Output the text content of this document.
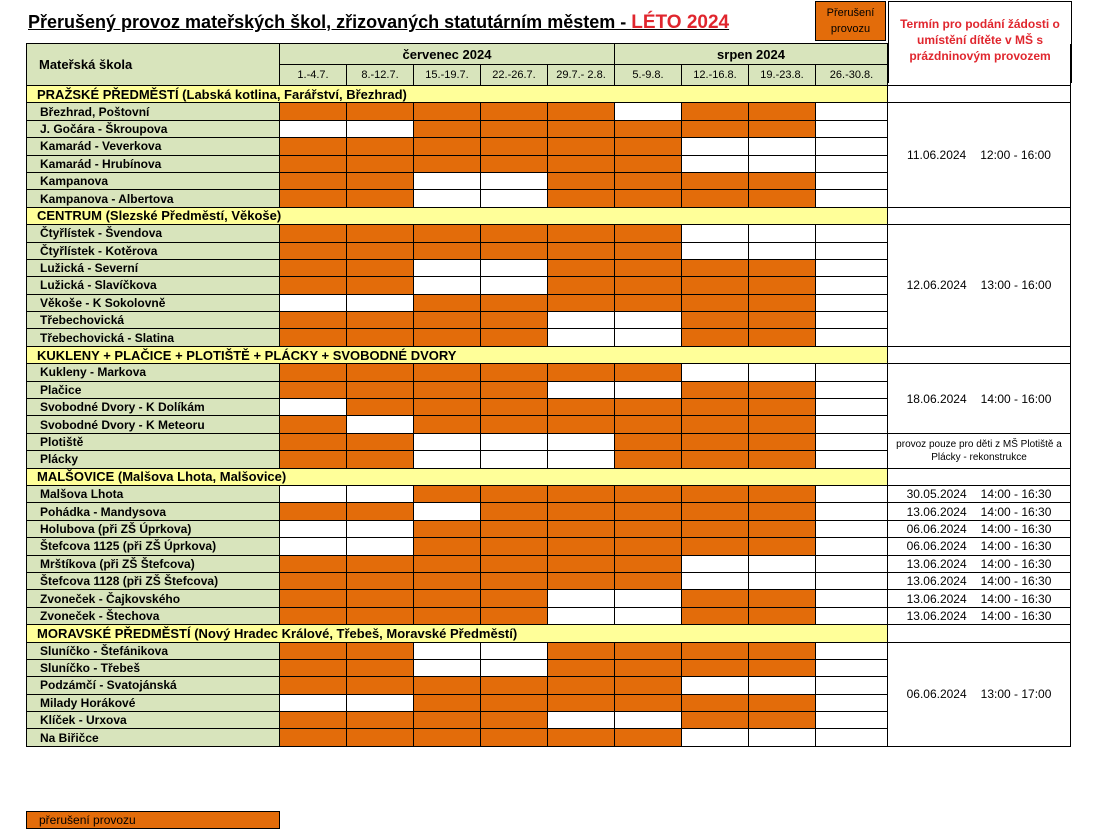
Přerušený provoz mateřských škol, zřizovaných statutárním městem - LÉTO 2024	Přerušení provozu	Termín pro podání žádosti o umístění dítěte v MŠ s prázdninovým provozem
Mateřská škola	červenec 2024					srpen 2024				
	1.-4.7.	8.-12.7.	15.-19.7.	22.-26.7.	29.7.- 2.8.	5.-9.8.	12.-16.8.	19.-23.8.	26.-30.8.	
PRAŽSKÉ PŘEDMĚSTÍ (Labská kotlina, Farářství, Březhrad)										
Březhrad, Poštovní										11.06.2024 12:00 - 16:00
J. Gočára - Škroupova										
Kamarád - Veverkova										
Kamarád - Hrubínova										
Kampanova										
Kampanova - Albertova										
CENTRUM (Slezské Předměstí, Věkoše)										
Čtyřlístek - Švendova										12.06.2024 13:00 - 16:00
Čtyřlístek - Kotěrova										
Lužická - Severní										
Lužická - Slavíčkova										
Věkoše - K Sokolovně										
Třebechovická										
Třebechovická - Slatina										
KUKLENY + PLAČICE + PLOTIŠTĚ + PLÁCKY + SVOBODNÉ DVORY										
Kukleny - Markova										18.06.2024 14:00 - 16:00
Plačice										
Svobodné Dvory - K Dolíkám										
Svobodné Dvory - K Meteoru										
Plotiště										provoz pouze pro děti z MŠ Plotiště a Plácky - rekonstrukce
Plácky										
MALŠOVICE (Malšova Lhota, Malšovice)										
Malšova Lhota										30.05.2024 14:00 - 16:30
Pohádka - Mandysova										13.06.2024 14:00 - 16:30
Holubova (při ZŠ Úprkova)										06.06.2024 14:00 - 16:30
Štefcova 1125 (při ZŠ Úprkova)										06.06.2024 14:00 - 16:30
Mrštíkova (při ZŠ Štefcova)										13.06.2024 14:00 - 16:30
Štefcova 1128 (při ZŠ Štefcova)										13.06.2024 14:00 - 16:30
Zvoneček - Čajkovského										13.06.2024 14:00 - 16:30
Zvoneček - Štechova										13.06.2024 14:00 - 16:30
MORAVSKÉ PŘEDMĚSTÍ (Nový Hradec Králové, Třebeš, Moravské Předměstí)										
Sluníčko - Štefánikova										06.06.2024 13:00 - 17:00
Sluníčko - Třebeš										
Podzámčí - Svatojánská										
Milady Horákové										
Klíček - Urxova										
Na Biřičce										
přerušení provozu
